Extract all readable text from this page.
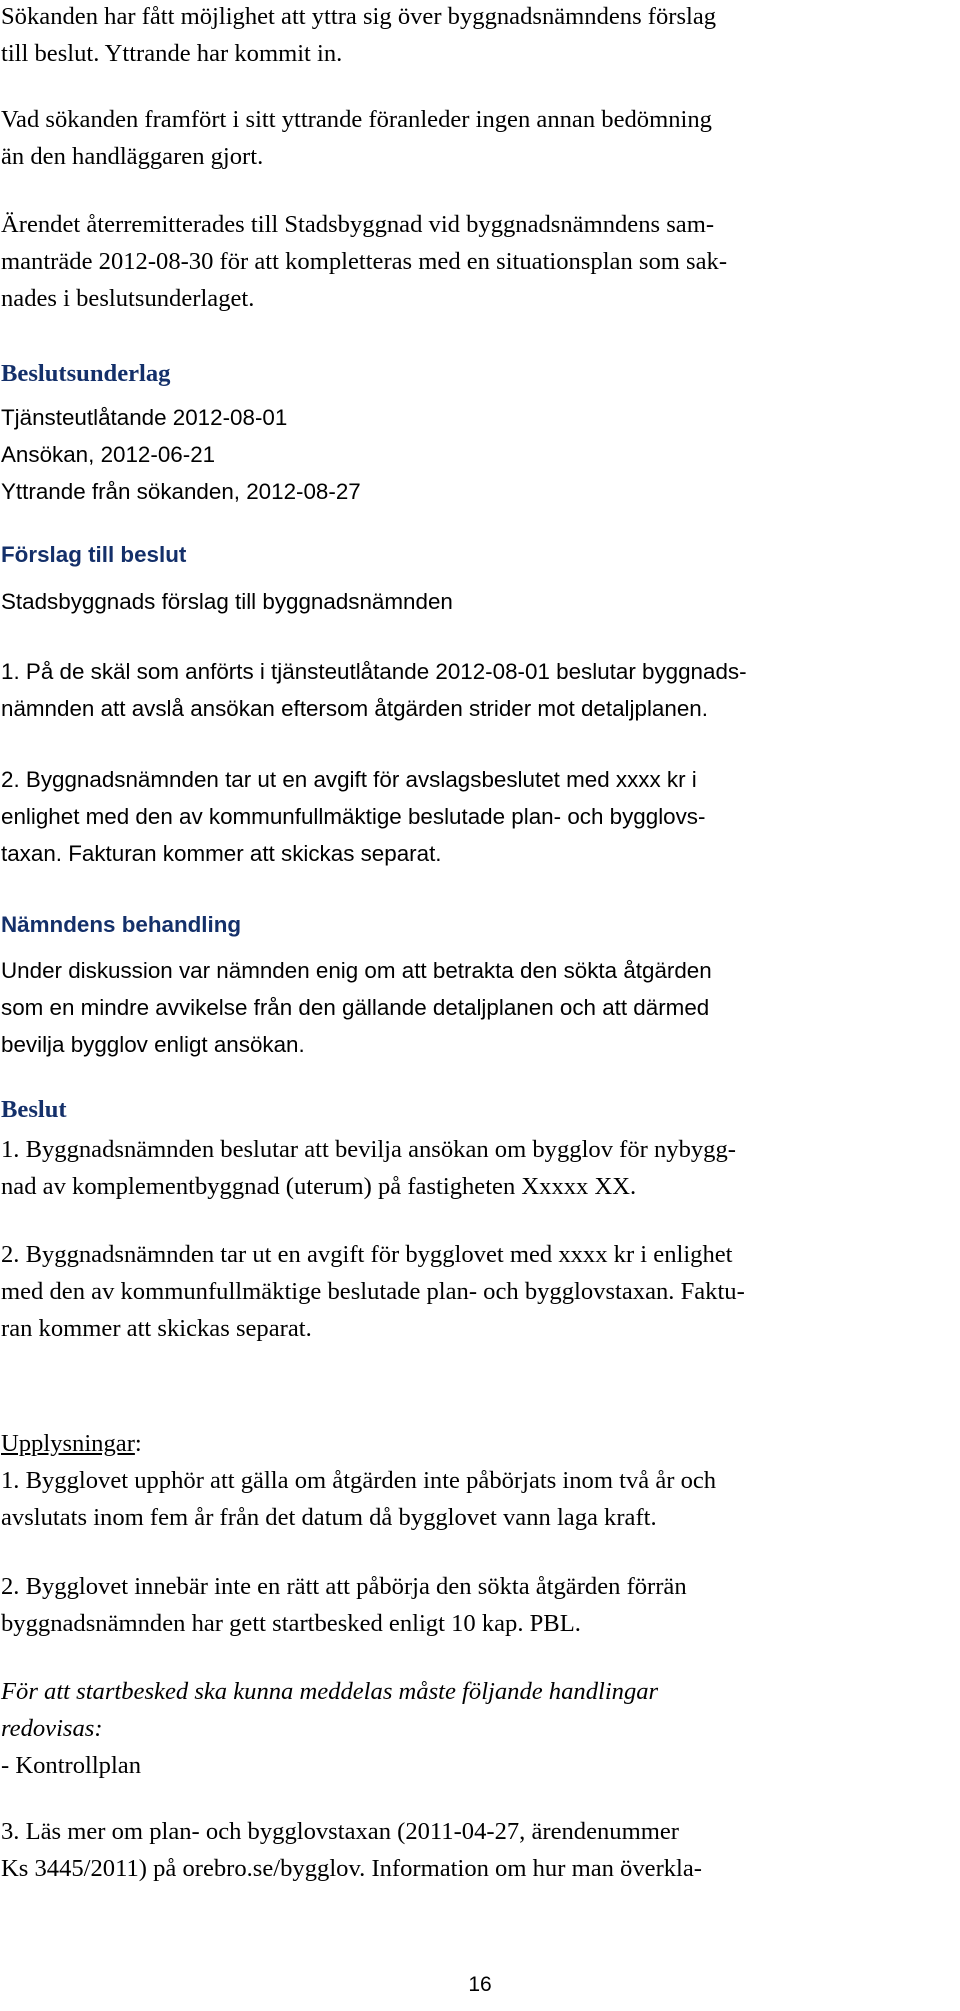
Sökanden har fått möjlighet att yttra sig över byggnadsnämndens förslag
till beslut. Yttrande har kommit in.

Vad sökanden framfört i sitt yttrande föranleder ingen annan bedömning
än den handläggaren gjort.

Ärendet återremitterades till Stadsbyggnad vid byggnadsnämndens sam-
manträde 2012-08-30 för att kompletteras med en situationsplan som sak-
nades i beslutsunderlaget.

Beslutsunderlag
Tjänsteutlåtande 2012-08-01
Ansökan, 2012-06-21
Yttrande från sökanden, 2012-08-27
Förslag till beslut
Stadsbyggnads förslag till byggnadsnämnden

1. På de skäl som anförts i tjänsteutlåtande 2012-08-01 beslutar byggnads-
nämnden att avslå ansökan eftersom åtgärden strider mot detaljplanen.

2. Byggnadsnämnden tar ut en avgift för avslagsbeslutet med xxxx kr i
enlighet med den av kommunfullmäktige beslutade plan- och bygglovs-
taxan. Fakturan kommer att skickas separat.

Nämndens behandling

Under diskussion var nämnden enig om att betrakta den sökta åtgärden
som en mindre avvikelse från den gällande detaljplanen och att därmed
bevilja bygglov enligt ansökan.

Beslut

1. Byggnadsnämnden beslutar att bevilja ansökan om bygglov för nybygg-
nad av komplementbyggnad (uterum) på fastigheten Xxxxx XX.

2. Byggnadsnämnden tar ut en avgift för bygglovet med xxxx kr i enlighet
med den av kommunfullmäktige beslutade plan- och bygglovstaxan. Faktu-
ran kommer att skickas separat.

Upplysningar:

1. Bygglovet upphör att gälla om åtgärden inte påbörjats inom två år och
avslutats inom fem år från det datum då bygglovet vann laga kraft.

2. Bygglovet innebär inte en rätt att påbörja den sökta åtgärden förrän
byggnadsnämnden har gett startbesked enligt 10 kap. PBL.

För att startbesked ska kunna meddelas måste följande handlingar
redovisas:

- Kontrollplan

3. Läs mer om plan- och bygglovstaxan (2011-04-27, ärendenummer
Ks 3445/2011) på orebro.se/bygglov. Information om hur man överkla-

16
